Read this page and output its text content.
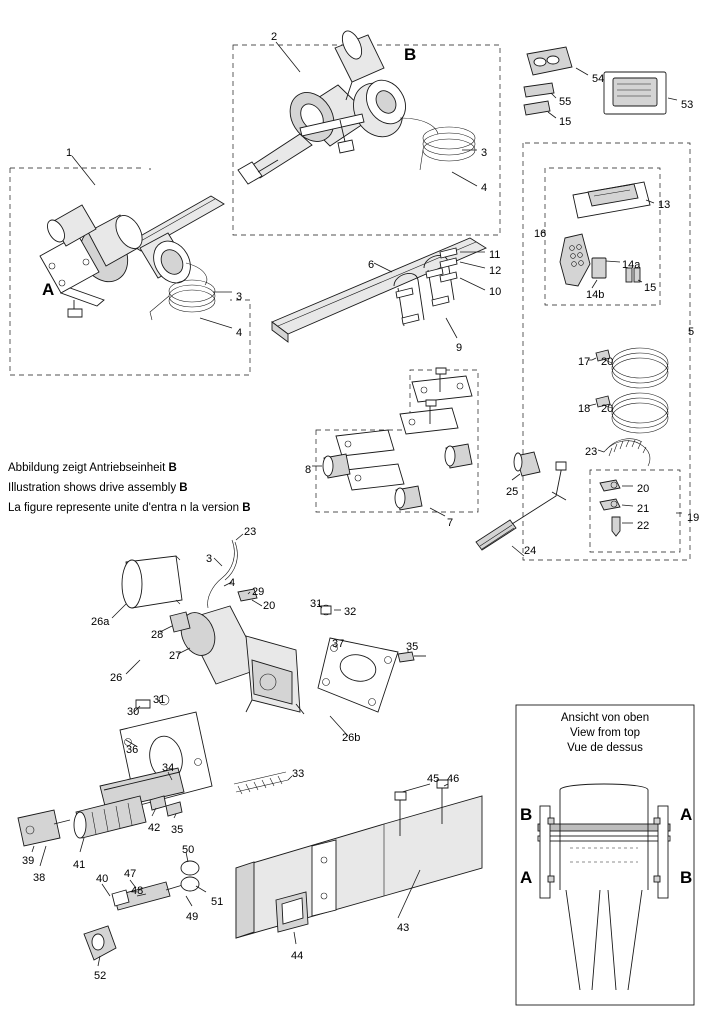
Abbildung zeigt Antriebseinheit B
Illustration shows drive assembly B
La figure represente unite d'entra n la version B
Ansicht von oben
View from top
Vue de dessus
B	A
A	B
A
B
1
2
3
4
3
4
5
6
7
8
9
10
11
12
13
14a
14b
15
16
17
18
19
20
20
20
21
22
23
23
24
25
26
26a
26b
27
28
29
3
4
20
30
31
31
32
33
34
35
35
36
37
38
39
40
41
42
43
44
45 46
47
48
49
50
51
52
53
54
55
15
